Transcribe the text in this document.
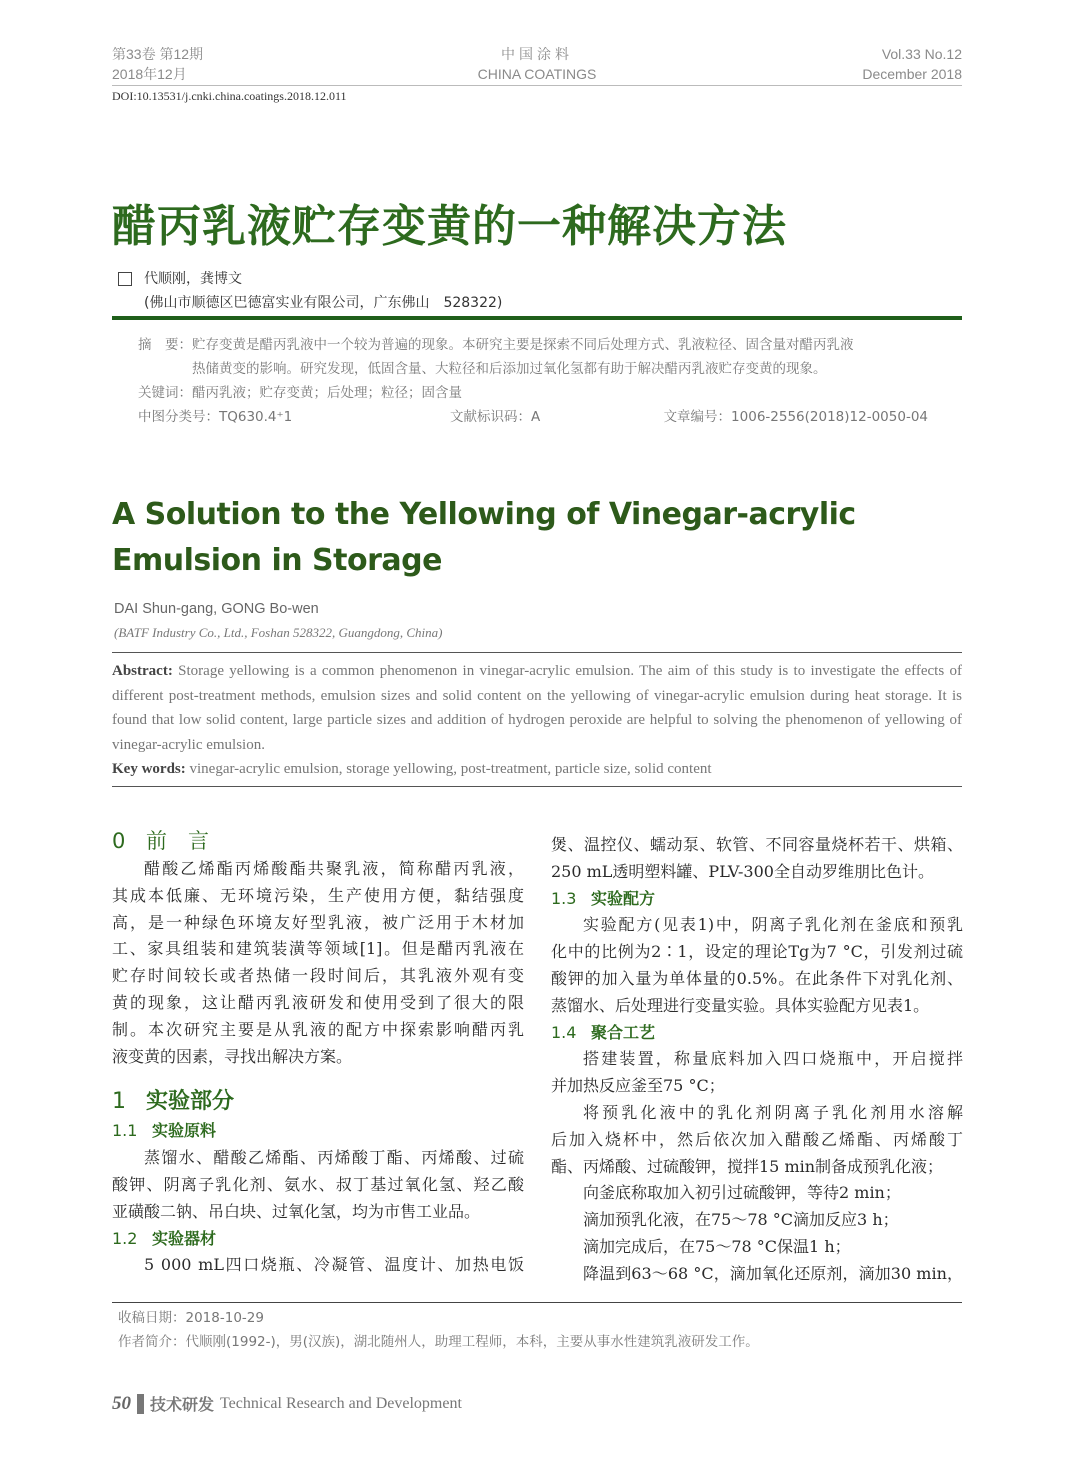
第33卷 第12期
2018年12月
中国涂料
CHINA COATINGS
Vol.33 No.12
December 2018
DOI:10.13531/j.cnki.china.coatings.2018.12.011
醋丙乳液贮存变黄的一种解决方法
代顺刚，龚博文
(佛山市顺德区巴德富实业有限公司，广东佛山　528322)
摘　要：贮存变黄是醋丙乳液中一个较为普遍的现象。本研究主要是探索不同后处理方式、乳液粒径、固含量对醋丙乳液
热储黄变的影响。研究发现，低固含量、大粒径和后添加过氧化氢都有助于解决醋丙乳液贮存变黄的现象。
关键词：醋丙乳液；贮存变黄；后处理；粒径；固含量
中图分类号：TQ630.4⁺1	文献标识码：A	文章编号：1006-2556(2018)12-0050-04
A Solution to the Yellowing of Vinegar-acrylic Emulsion in Storage
DAI Shun-gang, GONG Bo-wen
(BATF Industry Co., Ltd., Foshan 528322, Guangdong, China)
Abstract: Storage yellowing is a common phenomenon in vinegar-acrylic emulsion. The aim of this study is to investigate the effects of different post-treatment methods, emulsion sizes and solid content on the yellowing of vinegar-acrylic emulsion during heat storage. It is found that low solid content, large particle sizes and addition of hydrogen peroxide are helpful to solving the phenomenon of yellowing of vinegar-acrylic emulsion.
Key words: vinegar-acrylic emulsion, storage yellowing, post-treatment, particle size, solid content
0 前　言
醋酸乙烯酯丙烯酸酯共聚乳液，简称醋丙乳液，
其成本低廉、无环境污染，生产使用方便，黏结强度
高，是一种绿色环境友好型乳液，被广泛用于木材加
工、家具组装和建筑装潢等领域[1]。但是醋丙乳液在
贮存时间较长或者热储一段时间后，其乳液外观有变
黄的现象，这让醋丙乳液研发和使用受到了很大的限
制。本次研究主要是从乳液的配方中探索影响醋丙乳
液变黄的因素，寻找出解决方案。
1 实验部分
1.1 实验原料
蒸馏水、醋酸乙烯酯、丙烯酸丁酯、丙烯酸、过硫
酸钾、阴离子乳化剂、氨水、叔丁基过氧化氢、羟乙酸
亚磺酸二钠、吊白块、过氧化氢，均为市售工业品。
1.2 实验器材
5 000 mL四口烧瓶、冷凝管、温度计、加热电饭
煲、温控仪、蠕动泵、软管、不同容量烧杯若干、烘箱、
250 mL透明塑料罐、PLV-300全自动罗维朋比色计。
1.3 实验配方
实验配方(见表1)中，阴离子乳化剂在釜底和预乳
化中的比例为2∶1，设定的理论Tg为7 °C，引发剂过硫
酸钾的加入量为单体量的0.5%。在此条件下对乳化剂、
蒸馏水、后处理进行变量实验。具体实验配方见表1。
1.4 聚合工艺
搭建装置，称量底料加入四口烧瓶中，开启搅拌
并加热反应釜至75 °C；
将预乳化液中的乳化剂阴离子乳化剂用水溶解
后加入烧杯中，然后依次加入醋酸乙烯酯、丙烯酸丁
酯、丙烯酸、过硫酸钾，搅拌15 min制备成预乳化液；
向釜底称取加入初引过硫酸钾，等待2 min；
滴加预乳化液，在75～78 °C滴加反应3 h；
滴加完成后，在75～78 °C保温1 h；
降温到63～68 °C，滴加氧化还原剂，滴加30 min，
收稿日期：2018-10-29
作者简介：代顺刚(1992-)，男(汉族)，湖北随州人，助理工程师，本科，主要从事水性建筑乳液研发工作。
50 技术研发 Technical Research and Development
